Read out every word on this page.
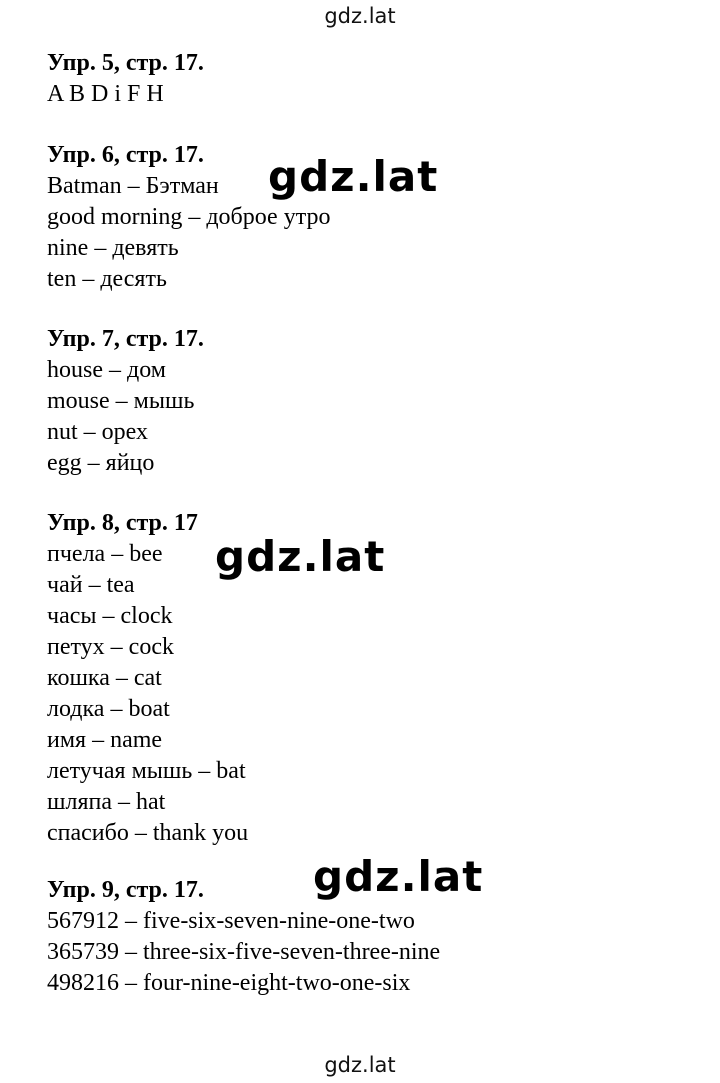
gdz.lat
Упр. 5, стр. 17.

A B D i F H

Упр. 6, стр. 17.

Batman – Бэтман

good morning – доброе утро

nine – девять

ten – десять

Упр. 7, стр. 17.

house – дом

mouse – мышь

nut – орех

egg – яйцо

Упр. 8, стр. 17

пчела – bee

чай – tea

часы – clock

петух – cock

кошка – cat

лодка – boat

имя – name

летучая мышь – bat

шляпа – hat

спасибо – thank you

Упр. 9, стр. 17.

567912 – five-six-seven-nine-one-two

365739 – three-six-five-seven-three-nine

498216 – four-nine-eight-two-one-six

gdz.lat
gdz.lat
gdz.lat
gdz.lat
